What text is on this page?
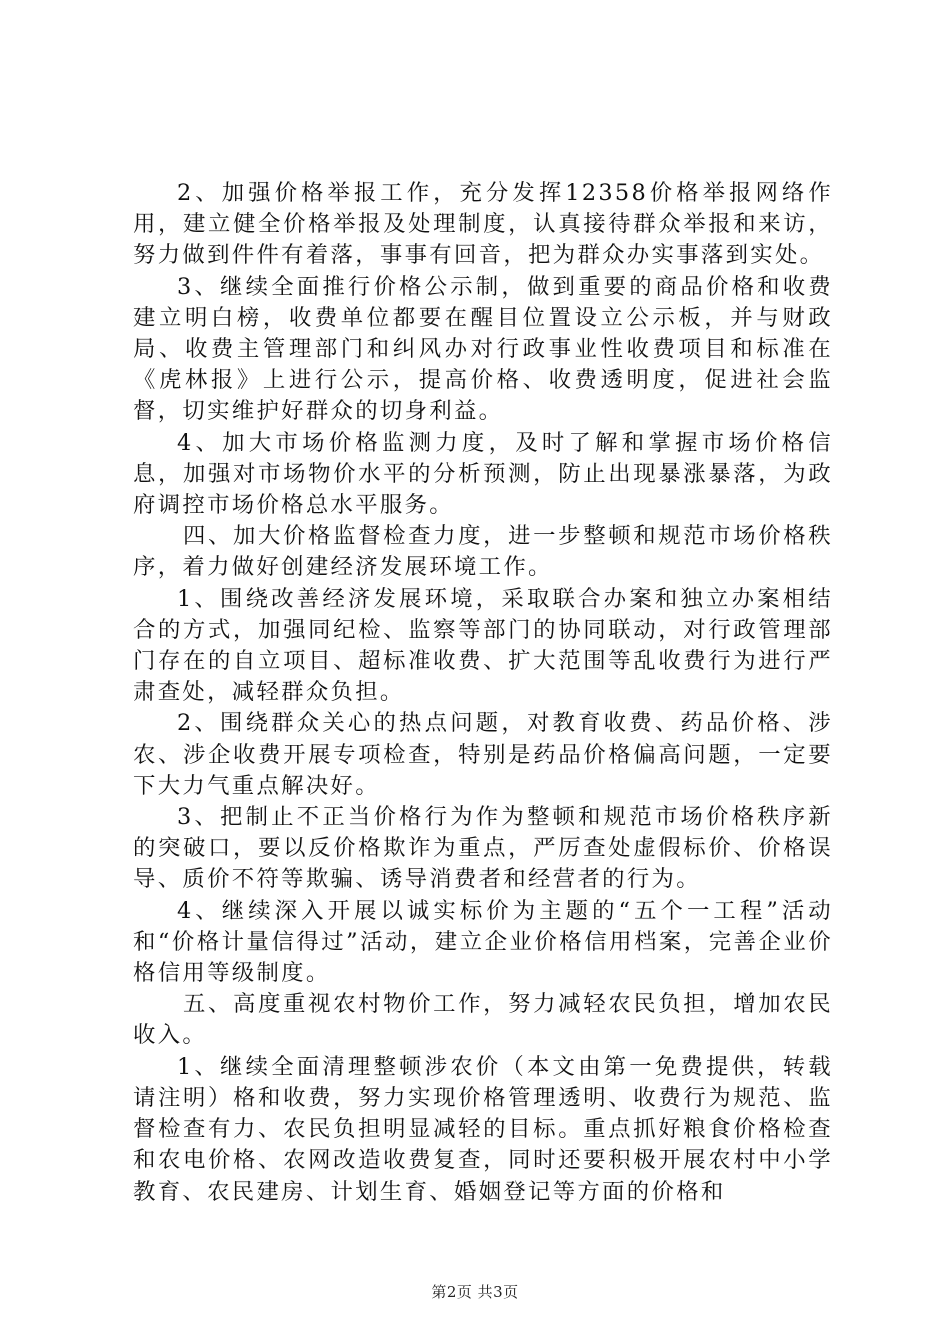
2、加强价格举报工作，充分发挥12358价格举报网络作用，建立健全价格举报及处理制度，认真接待群众举报和来访，努力做到件件有着落，事事有回音，把为群众办实事落到实处。

3、继续全面推行价格公示制，做到重要的商品价格和收费建立明白榜，收费单位都要在醒目位置设立公示板，并与财政局、收费主管理部门和纠风办对行政事业性收费项目和标准在《虎林报》上进行公示，提高价格、收费透明度，促进社会监督，切实维护好群众的切身利益。

4、加大市场价格监测力度，及时了解和掌握市场价格信息，加强对市场物价水平的分析预测，防止出现暴涨暴落，为政府调控市场价格总水平服务。

四、加大价格监督检查力度，进一步整顿和规范市场价格秩序，着力做好创建经济发展环境工作。

1、围绕改善经济发展环境，采取联合办案和独立办案相结合的方式，加强同纪检、监察等部门的协同联动，对行政管理部门存在的自立项目、超标准收费、扩大范围等乱收费行为进行严肃查处，减轻群众负担。

2、围绕群众关心的热点问题，对教育收费、药品价格、涉农、涉企收费开展专项检查，特别是药品价格偏高问题，一定要下大力气重点解决好。

3、把制止不正当价格行为作为整顿和规范市场价格秩序新的突破口，要以反价格欺诈为重点，严厉查处虚假标价、价格误导、质价不符等欺骗、诱导消费者和经营者的行为。

4、继续深入开展以诚实标价为主题的“五个一工程”活动和“价格计量信得过”活动，建立企业价格信用档案，完善企业价格信用等级制度。

五、高度重视农村物价工作，努力减轻农民负担，增加农民收入。

1、继续全面清理整顿涉农价（本文由第一免费提供，转载请注明）格和收费，努力实现价格管理透明、收费行为规范、监督检查有力、农民负担明显减轻的目标。重点抓好粮食价格检查和农电价格、农网改造收费复查，同时还要积极开展农村中小学教育、农民建房、计划生育、婚姻登记等方面的价格和

第2页 共3页
